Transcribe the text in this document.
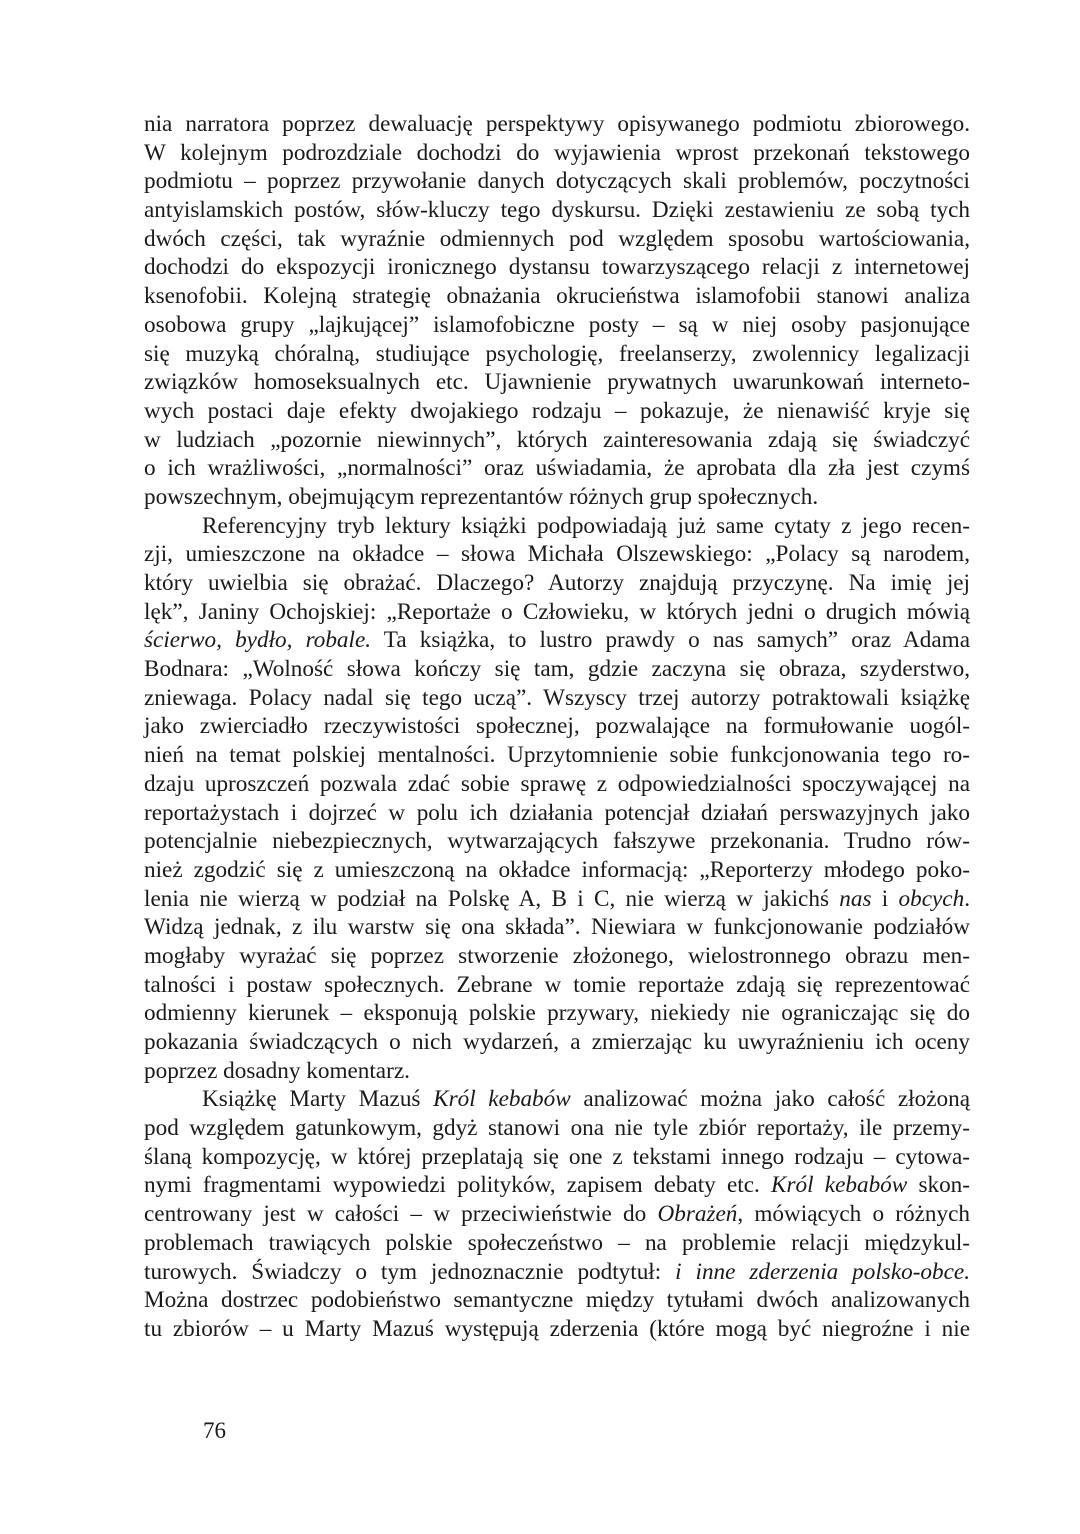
nia narratora poprzez dewaluację perspektywy opisywanego podmiotu zbiorowego.
W kolejnym podrozdziale dochodzi do wyjawienia wprost przekonań tekstowego
podmiotu – poprzez przywołanie danych dotyczących skali problemów, poczytności
antyislamskich postów, słów-kluczy tego dyskursu. Dzięki zestawieniu ze sobą tych
dwóch części, tak wyraźnie odmiennych pod względem sposobu wartościowania,
dochodzi do ekspozycji ironicznego dystansu towarzyszącego relacji z internetowej
ksenofobii. Kolejną strategię obnażania okrucieństwa islamofobii stanowi analiza
osobowa grupy „lajkującej” islamofobiczne posty – są w niej osoby pasjonujące
się muzyką chóralną, studiujące psychologię, freelanserzy, zwolennicy legalizacji
związków homoseksualnych etc. Ujawnienie prywatnych uwarunkowań interneto-
wych postaci daje efekty dwojakiego rodzaju – pokazuje, że nienawiść kryje się
w ludziach „pozornie niewinnych”, których zainteresowania zdają się świadczyć
o ich wrażliwości, „normalności” oraz uświadamia, że aprobata dla zła jest czymś
powszechnym, obejmującym reprezentantów różnych grup społecznych.
Referencyjny tryb lektury książki podpowiadają już same cytaty z jego recen-
zji, umieszczone na okładce – słowa Michała Olszewskiego: „Polacy są narodem,
który uwielbia się obrażać. Dlaczego? Autorzy znajdują przyczynę. Na imię jej
lęk”, Janiny Ochojskiej: „Reportaże o Człowieku, w których jedni o drugich mówią
ścierwo, bydło, robale. Ta książka, to lustro prawdy o nas samych” oraz Adama
Bodnara: „Wolność słowa kończy się tam, gdzie zaczyna się obraza, szyderstwo,
zniewaga. Polacy nadal się tego uczą”. Wszyscy trzej autorzy potraktowali książkę
jako zwierciadło rzeczywistości społecznej, pozwalające na formułowanie uogól-
nień na temat polskiej mentalności. Uprzytomnienie sobie funkcjonowania tego ro-
dzaju uproszczeń pozwala zdać sobie sprawę z odpowiedzialności spoczywającej na
reportażystach i dojrzeć w polu ich działania potencjał działań perswazyjnych jako
potencjalnie niebezpiecznych, wytwarzających fałszywe przekonania. Trudno rów-
nież zgodzić się z umieszczoną na okładce informacją: „Reporterzy młodego poko-
lenia nie wierzą w podział na Polskę A, B i C, nie wierzą w jakichś nas i obcych.
Widzą jednak, z ilu warstw się ona składa”. Niewiara w funkcjonowanie podziałów
mogłaby wyrażać się poprzez stworzenie złożonego, wielostronnego obrazu men-
talności i postaw społecznych. Zebrane w tomie reportaże zdają się reprezentować
odmienny kierunek – eksponują polskie przywary, niekiedy nie ograniczając się do
pokazania świadczących o nich wydarzeń, a zmierzając ku uwyraźnieniu ich oceny
poprzez dosadny komentarz.
Książkę Marty Mazuś Król kebabów analizować można jako całość złożoną
pod względem gatunkowym, gdyż stanowi ona nie tyle zbiór reportaży, ile przemy-
ślaną kompozycję, w której przeplatają się one z tekstami innego rodzaju – cytowa-
nymi fragmentami wypowiedzi polityków, zapisem debaty etc. Król kebabów skon-
centrowany jest w całości – w przeciwieństwie do Obrażeń, mówiących o różnych
problemach trawiących polskie społeczeństwo – na problemie relacji międzykul-
turowych. Świadczy o tym jednoznacznie podtytuł: i inne zderzenia polsko-obce.
Można dostrzec podobieństwo semantyczne między tytułami dwóch analizowanych
tu zbiorów – u Marty Mazuś występują zderzenia (które mogą być niegroźne i nie
76
